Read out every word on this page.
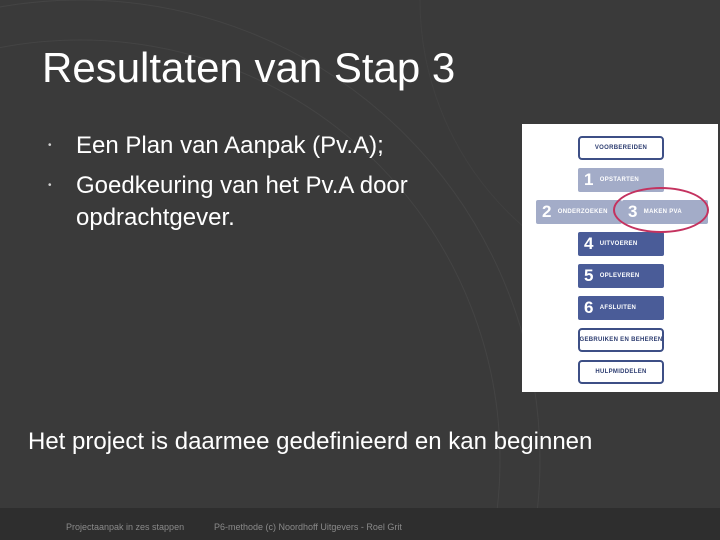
Resultaten van Stap 3
• Een Plan van Aanpak (Pv.A);
• Goedkeuring van het Pv.A door opdrachtgever.
VOORBEREIDEN
1 OPSTARTEN
2 ONDERZOEKEN 3 MAKEN PVA
4 UITVOEREN
5 OPLEVEREN
6 AFSLUITEN
GEBRUIKEN EN BEHEREN
HULPMIDDELEN
Het project is daarmee gedefinieerd en kan beginnen
Projectaanpak in zes stappen	P6-methode (c) Noordhoff Uitgevers - Roel Grit
